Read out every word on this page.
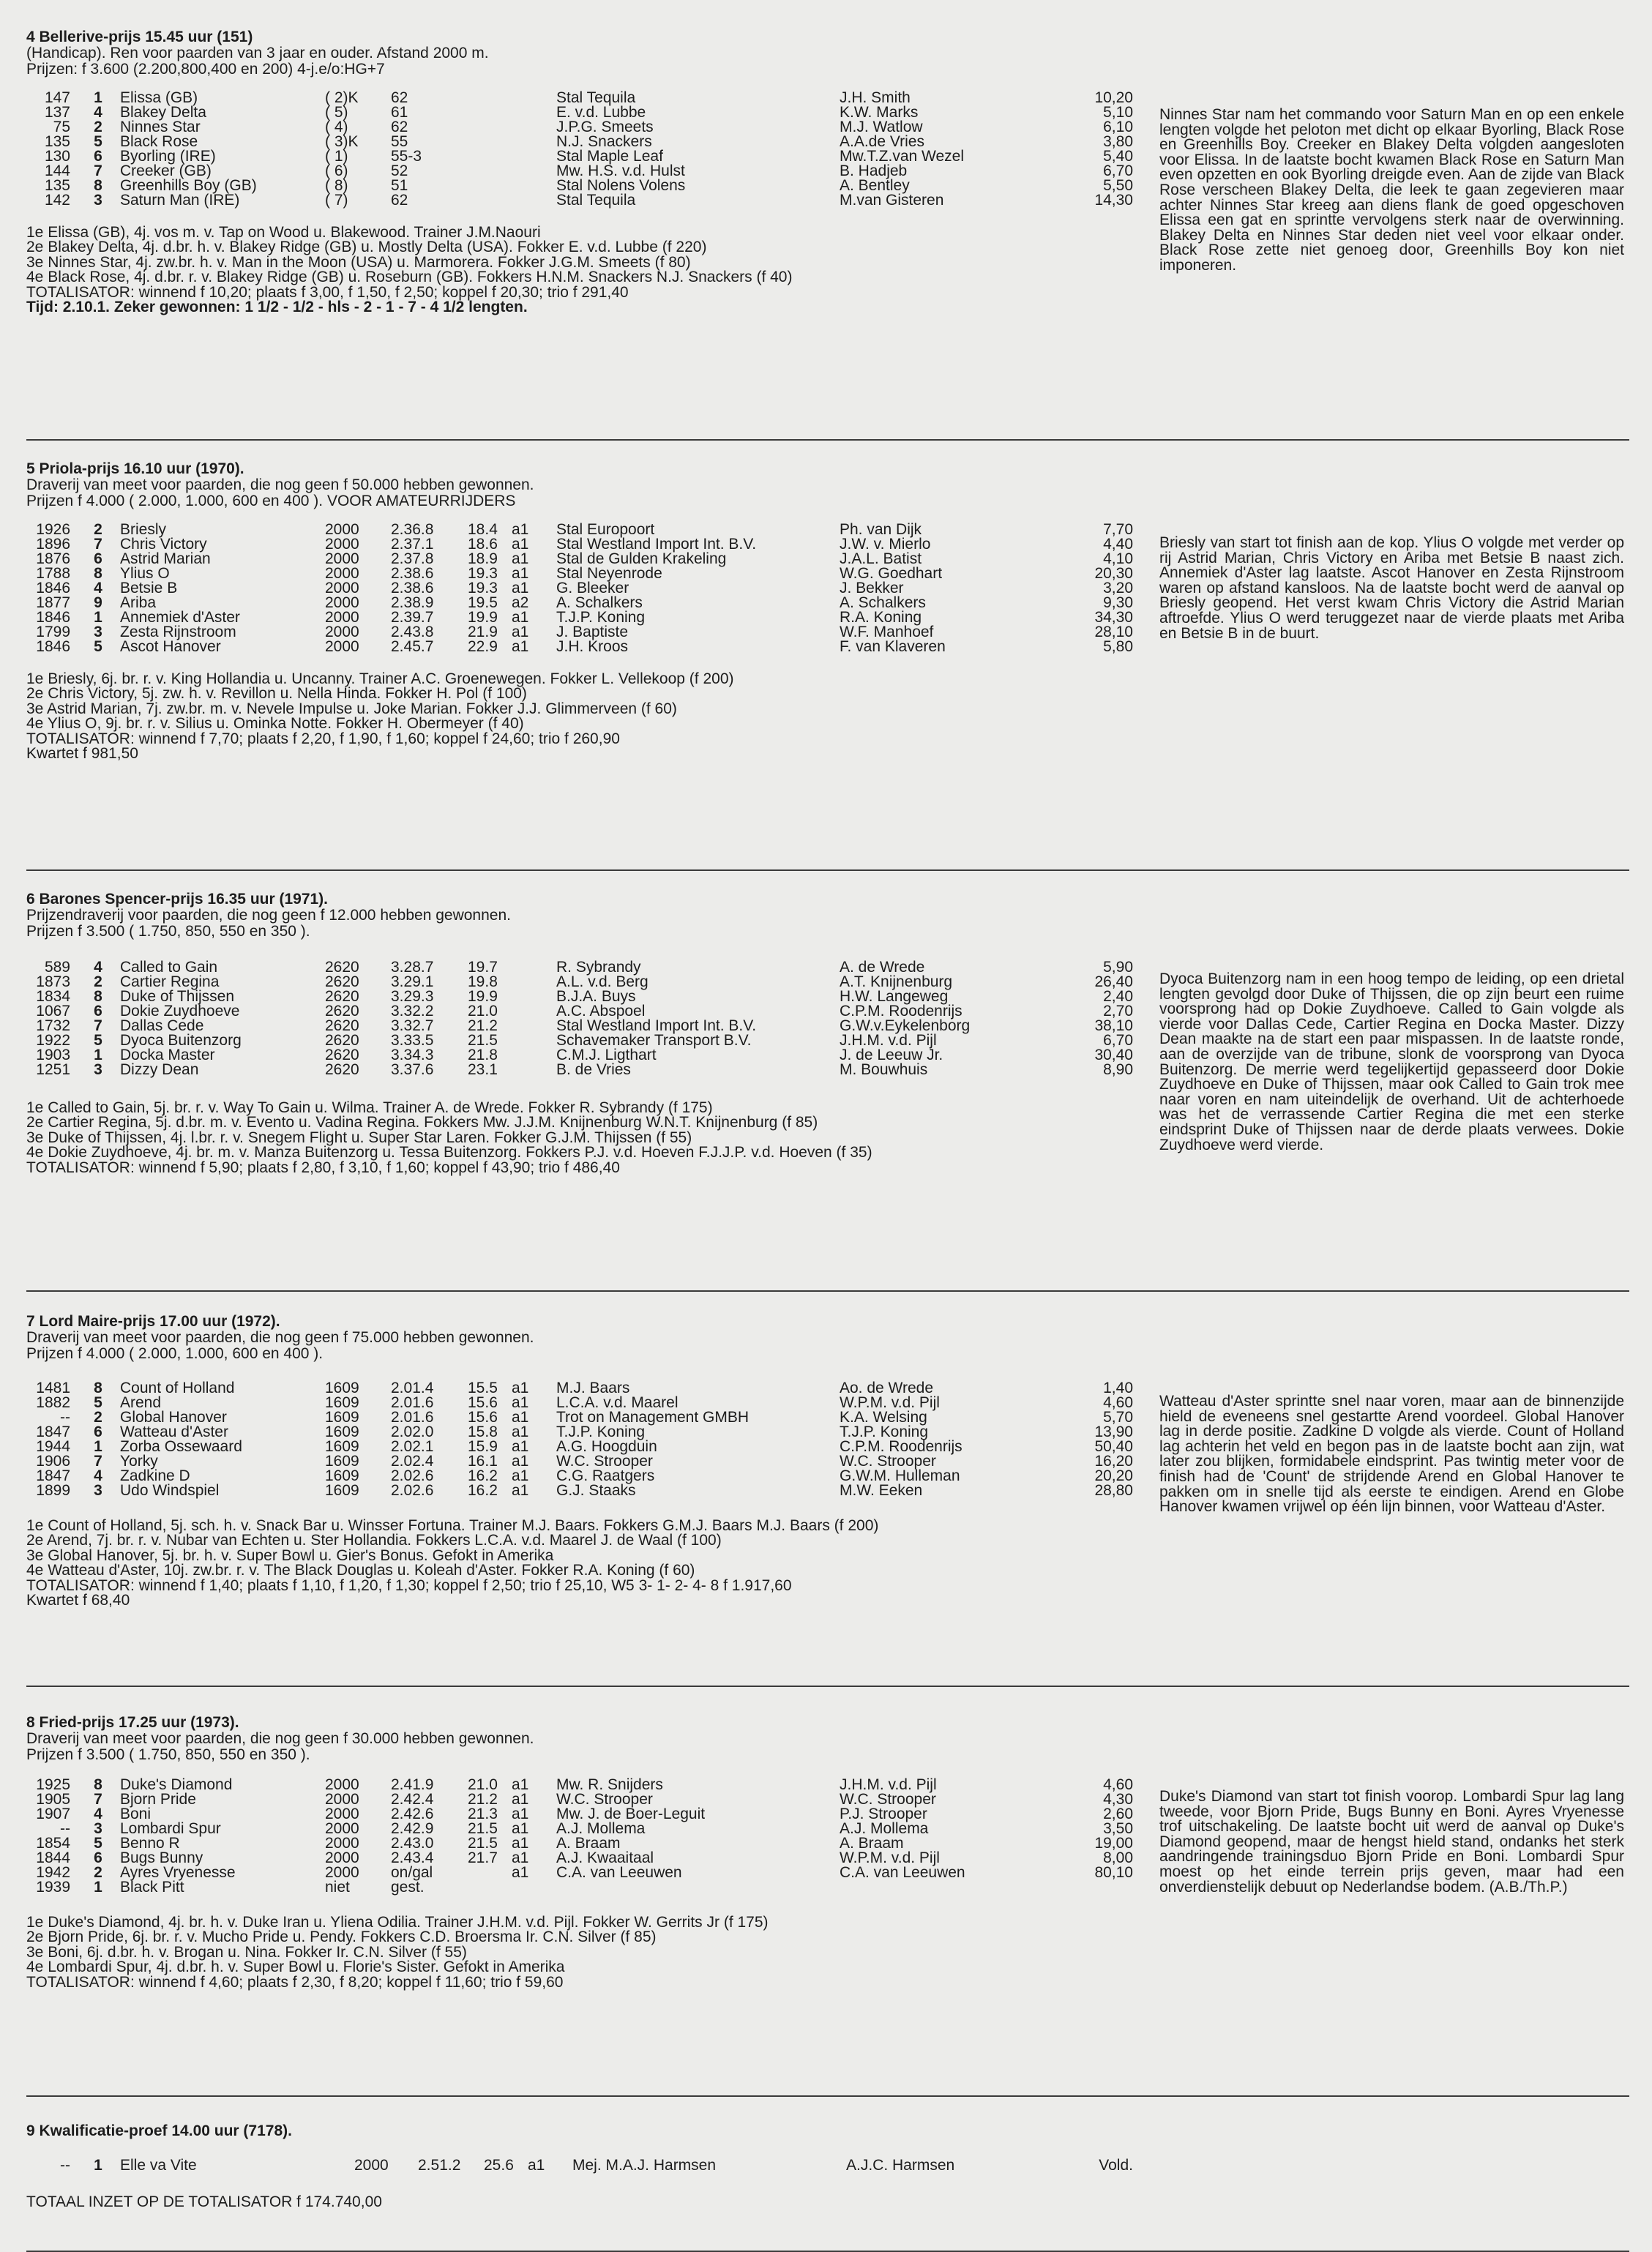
4 Bellerive-prijs 15.45 uur (151)
(Handicap). Ren voor paarden van 3 jaar en ouder. Afstand 2000 m.
Prijzen: f 3.600 (2.200,800,400 en 200) 4-j.e/o:HG+7
147 1 Elissa (GB)	( 2)K 62	Stal Tequila	J.H. Smith	10,20
137 4 Blakey Delta	( 5)	61	E. v.d. Lubbe	K.W. Marks	5,10
75 2 Ninnes Star	( 4)	62	J.P.G. Smeets	M.J. Watlow	6,10
135 5 Black Rose	( 3)K 55	N.J. Snackers	A.A.de Vries	3,80
130 6 Byorling (IRE)	( 1)	55-3	Stal Maple Leaf	Mw.T.Z.van Wezel	5,40
144 7 Creeker (GB)	( 6)	52	Mw. H.S. v.d. Hulst	B. Hadjeb	6,70
135 8 Greenhills Boy (GB)	( 8)	51	Stal Nolens Volens	A. Bentley	5,50
142 3 Saturn Man (IRE)	( 7)	62	Stal Tequila	M.van Gisteren	14,30
Ninnes Star nam het commando voor Saturn Man en op een enkele lengten volgde het peloton met dicht op elkaar Byorling, Black Rose en Greenhills Boy. Creeker en Blakey Delta volgden aangesloten voor Elissa. In de laatste bocht kwamen Black Rose en Saturn Man even opzetten en ook Byorling dreigde even. Aan de zijde van Black Rose verscheen Blakey Delta, die leek te gaan zegevieren maar achter Ninnes Star kreeg aan diens flank de goed opgeschoven Elissa een gat en sprintte vervolgens sterk naar de overwinning. Blakey Delta en Ninnes Star deden niet veel voor elkaar onder. Black Rose zette niet genoeg door, Greenhills Boy kon niet imponeren.
1e Elissa (GB), 4j. vos m. v. Tap on Wood u. Blakewood. Trainer J.M.Naouri
2e Blakey Delta, 4j. d.br. h. v. Blakey Ridge (GB) u. Mostly Delta (USA). Fokker E. v.d. Lubbe (f 220)
3e Ninnes Star, 4j. zw.br. h. v. Man in the Moon (USA) u. Marmorera. Fokker J.G.M. Smeets (f 80)
4e Black Rose, 4j. d.br. r. v. Blakey Ridge (GB) u. Roseburn (GB). Fokkers H.N.M. Snackers N.J. Snackers (f 40)
TOTALISATOR: winnend f 10,20; plaats f 3,00, f 1,50, f 2,50; koppel f 20,30; trio f 291,40
Tijd: 2.10.1. Zeker gewonnen: 1 1/2 - 1/2 - hls - 2 - 1 - 7 - 4 1/2 lengten.
5 Priola-prijs 16.10 uur (1970).
Draverij van meet voor paarden, die nog geen f 50.000 hebben gewonnen.
Prijzen f 4.000 ( 2.000, 1.000, 600 en 400 ). VOOR AMATEURRIJDERS
1926 2 Briesly	2000 2.36.8 18.4 a1 Stal Europoort	Ph. van Dijk	7,70
1896 7 Chris Victory	2000 2.37.1 18.6 a1 Stal Westland Import Int. B.V.	J.W. v. Mierlo	4,40
1876 6 Astrid Marian	2000 2.37.8 18.9 a1 Stal de Gulden Krakeling	J.A.L. Batist	4,10
1788 8 Ylius O	2000 2.38.6 19.3 a1 Stal Neyenrode	W.G. Goedhart	20,30
1846 4 Betsie B	2000 2.38.6 19.3 a1 G. Bleeker	J. Bekker	3,20
1877 9 Ariba	2000 2.38.9 19.5 a2 A. Schalkers	A. Schalkers	9,30
1846 1 Annemiek d'Aster	2000 2.39.7 19.9 a1 T.J.P. Koning	R.A. Koning	34,30
1799 3 Zesta Rijnstroom	2000 2.43.8 21.9 a1 J. Baptiste	W.F. Manhoef	28,10
1846 5 Ascot Hanover	2000 2.45.7 22.9 a1 J.H. Kroos	F. van Klaveren	5,80
Briesly van start tot finish aan de kop. Ylius O volgde met verder op rij Astrid Marian, Chris Victory en Ariba met Betsie B naast zich. Annemiek d'Aster lag laatste. Ascot Hanover en Zesta Rijnstroom waren op afstand kansloos. Na de laatste bocht werd de aanval op Briesly geopend. Het verst kwam Chris Victory die Astrid Marian aftroefde. Ylius O werd teruggezet naar de vierde plaats met Ariba en Betsie B in de buurt.
1e Briesly, 6j. br. r. v. King Hollandia u. Uncanny. Trainer A.C. Groenewegen. Fokker L. Vellekoop (f 200)
2e Chris Victory, 5j. zw. h. v. Revillon u. Nella Hinda. Fokker H. Pol (f 100)
3e Astrid Marian, 7j. zw.br. m. v. Nevele Impulse u. Joke Marian. Fokker J.J. Glimmerveen (f 60)
4e Ylius O, 9j. br. r. v. Silius u. Ominka Notte. Fokker H. Obermeyer (f 40)
TOTALISATOR: winnend f 7,70; plaats f 2,20, f 1,90, f 1,60; koppel f 24,60; trio f 260,90
Kwartet f 981,50
6 Barones Spencer-prijs 16.35 uur (1971).
Prijzendraverij voor paarden, die nog geen f 12.000 hebben gewonnen.
Prijzen f 3.500 ( 1.750, 850, 550 en 350 ).
589 4 Called to Gain	2620 3.28.7 19.7	R. Sybrandy	A. de Wrede	5,90
1873 2 Cartier Regina	2620 3.29.1 19.8	A.L. v.d. Berg	A.T. Knijnenburg	26,40
1834 8 Duke of Thijssen	2620 3.29.3 19.9	B.J.A. Buys	H.W. Langeweg	2,40
1067 6 Dokie Zuydhoeve	2620 3.32.2 21.0	A.C. Abspoel	C.P.M. Roodenrijs	2,70
1732 7 Dallas Cede	2620 3.32.7 21.2	Stal Westland Import Int. B.V.	G.W.v.Eykelenborg	38,10
1922 5 Dyoca Buitenzorg	2620 3.33.5 21.5	Schavemaker Transport B.V.	J.H.M. v.d. Pijl	6,70
1903 1 Docka Master	2620 3.34.3 21.8	C.M.J. Ligthart	J. de Leeuw Jr.	30,40
1251 3 Dizzy Dean	2620 3.37.6 23.1	B. de Vries	M. Bouwhuis	8,90
Dyoca Buitenzorg nam in een hoog tempo de leiding, op een drietal lengten gevolgd door Duke of Thijssen, die op zijn beurt een ruime voorsprong had op Dokie Zuydhoeve. Called to Gain volgde als vierde voor Dallas Cede, Cartier Regina en Docka Master. Dizzy Dean maakte na de start een paar mispassen. In de laatste ronde, aan de overzijde van de tribune, slonk de voorsprong van Dyoca Buitenzorg. De merrie werd tegelijkertijd gepasseerd door Dokie Zuydhoeve en Duke of Thijssen, maar ook Called to Gain trok mee naar voren en nam uiteindelijk de overhand. Uit de achterhoede was het de verrassende Cartier Regina die met een sterke eindsprint Duke of Thijssen naar de derde plaats verwees. Dokie Zuydhoeve werd vierde.
1e Called to Gain, 5j. br. r. v. Way To Gain u. Wilma. Trainer A. de Wrede. Fokker R. Sybrandy (f 175)
2e Cartier Regina, 5j. d.br. m. v. Evento u. Vadina Regina. Fokkers Mw. J.J.M. Knijnenburg W.N.T. Knijnenburg (f 85)
3e Duke of Thijssen, 4j. l.br. r. v. Snegem Flight u. Super Star Laren. Fokker G.J.M. Thijssen (f 55)
4e Dokie Zuydhoeve, 4j. br. m. v. Manza Buitenzorg u. Tessa Buitenzorg. Fokkers P.J. v.d. Hoeven F.J.J.P. v.d. Hoeven (f 35)
TOTALISATOR: winnend f 5,90; plaats f 2,80, f 3,10, f 1,60; koppel f 43,90; trio f 486,40
7 Lord Maire-prijs 17.00 uur (1972).
Draverij van meet voor paarden, die nog geen f 75.000 hebben gewonnen.
Prijzen f 4.000 ( 2.000, 1.000, 600 en 400 ).
1481 8 Count of Holland	1609 2.01.4 15.5 a1 M.J. Baars	Ao. de Wrede	1,40
1882 5 Arend	1609 2.01.6 15.6 a1 L.C.A. v.d. Maarel	W.P.M. v.d. Pijl	4,60
-- 2 Global Hanover	1609 2.01.6 15.6 a1 Trot on Management GMBH	K.A. Welsing	5,70
1847 6 Watteau d'Aster	1609 2.02.0 15.8 a1 T.J.P. Koning	T.J.P. Koning	13,90
1944 1 Zorba Ossewaard	1609 2.02.1 15.9 a1 A.G. Hoogduin	C.P.M. Roodenrijs	50,40
1906 7 Yorky	1609 2.02.4 16.1 a1 W.C. Strooper	W.C. Strooper	16,20
1847 4 Zadkine D	1609 2.02.6 16.2 a1 C.G. Raatgers	G.W.M. Hulleman	20,20
1899 3 Udo Windspiel	1609 2.02.6 16.2 a1 G.J. Staaks	M.W. Eeken	28,80
Watteau d'Aster sprintte snel naar voren, maar aan de binnenzijde hield de eveneens snel gestartte Arend voordeel. Global Hanover lag in derde positie. Zadkine D volgde als vierde. Count of Holland lag achterin het veld en begon pas in de laatste bocht aan zijn, wat later zou blijken, formidabele eindsprint. Pas twintig meter voor de finish had de 'Count' de strijdende Arend en Global Hanover te pakken om in snelle tijd als eerste te eindigen. Arend en Globe Hanover kwamen vrijwel op één lijn binnen, voor Watteau d'Aster.
1e Count of Holland, 5j. sch. h. v. Snack Bar u. Winsser Fortuna. Trainer M.J. Baars. Fokkers G.M.J. Baars M.J. Baars (f 200)
2e Arend, 7j. br. r. v. Nubar van Echten u. Ster Hollandia. Fokkers L.C.A. v.d. Maarel J. de Waal (f 100)
3e Global Hanover, 5j. br. h. v. Super Bowl u. Gier's Bonus. Gefokt in Amerika
4e Watteau d'Aster, 10j. zw.br. r. v. The Black Douglas u. Koleah d'Aster. Fokker R.A. Koning (f 60)
TOTALISATOR: winnend f 1,40; plaats f 1,10, f 1,20, f 1,30; koppel f 2,50; trio f 25,10, W5 3- 1- 2- 4- 8 f 1.917,60
Kwartet f 68,40
8 Fried-prijs 17.25 uur (1973).
Draverij van meet voor paarden, die nog geen f 30.000 hebben gewonnen.
Prijzen f 3.500 ( 1.750, 850, 550 en 350 ).
1925 8 Duke's Diamond	2000 2.41.9 21.0 a1 Mw. R. Snijders	J.H.M. v.d. Pijl	4,60
1905 7 Bjorn Pride	2000 2.42.4 21.2 a1 W.C. Strooper	W.C. Strooper	4,30
1907 4 Boni	2000 2.42.6 21.3 a1 Mw. J. de Boer-Leguit	P.J. Strooper	2,60
-- 3 Lombardi Spur	2000 2.42.9 21.5 a1 A.J. Mollema	A.J. Mollema	3,50
1854 5 Benno R	2000 2.43.0 21.5 a1 A. Braam	A. Braam	19,00
1844 6 Bugs Bunny	2000 2.43.4 21.7 a1 A.J. Kwaaitaal	W.P.M. v.d. Pijl	8,00
1942 2 Ayres Vryenesse	2000 on/gal	a1 C.A. van Leeuwen	C.A. van Leeuwen	80,10
1939 1 Black Pitt	niet	gest.
Duke's Diamond van start tot finish voorop. Lombardi Spur lag lang tweede, voor Bjorn Pride, Bugs Bunny en Boni. Ayres Vryenesse trof uitschakeling. De laatste bocht uit werd de aanval op Duke's Diamond geopend, maar de hengst hield stand, ondanks het sterk aandringende trainingsduo Bjorn Pride en Boni. Lombardi Spur moest op het einde terrein prijs geven, maar had een onverdienstelijk debuut op Nederlandse bodem. (A.B./Th.P.)
1e Duke's Diamond, 4j. br. h. v. Duke Iran u. Yliena Odilia. Trainer J.H.M. v.d. Pijl. Fokker W. Gerrits Jr (f 175)
2e Bjorn Pride, 6j. br. r. v. Mucho Pride u. Pendy. Fokkers C.D. Broersma Ir. C.N. Silver (f 85)
3e Boni, 6j. d.br. h. v. Brogan u. Nina. Fokker Ir. C.N. Silver (f 55)
4e Lombardi Spur, 4j. d.br. h. v. Super Bowl u. Florie's Sister. Gefokt in Amerika
TOTALISATOR: winnend f 4,60; plaats f 2,30, f 8,20; koppel f 11,60; trio f 59,60
9 Kwalificatie-proef 14.00 uur (7178).
-- 1 Elle va Vite	2000 2.51.2 25.6 a1 Mej. M.A.J. Harmsen	A.J.C. Harmsen	Vold.
TOTAAL INZET OP DE TOTALISATOR f 174.740,00
